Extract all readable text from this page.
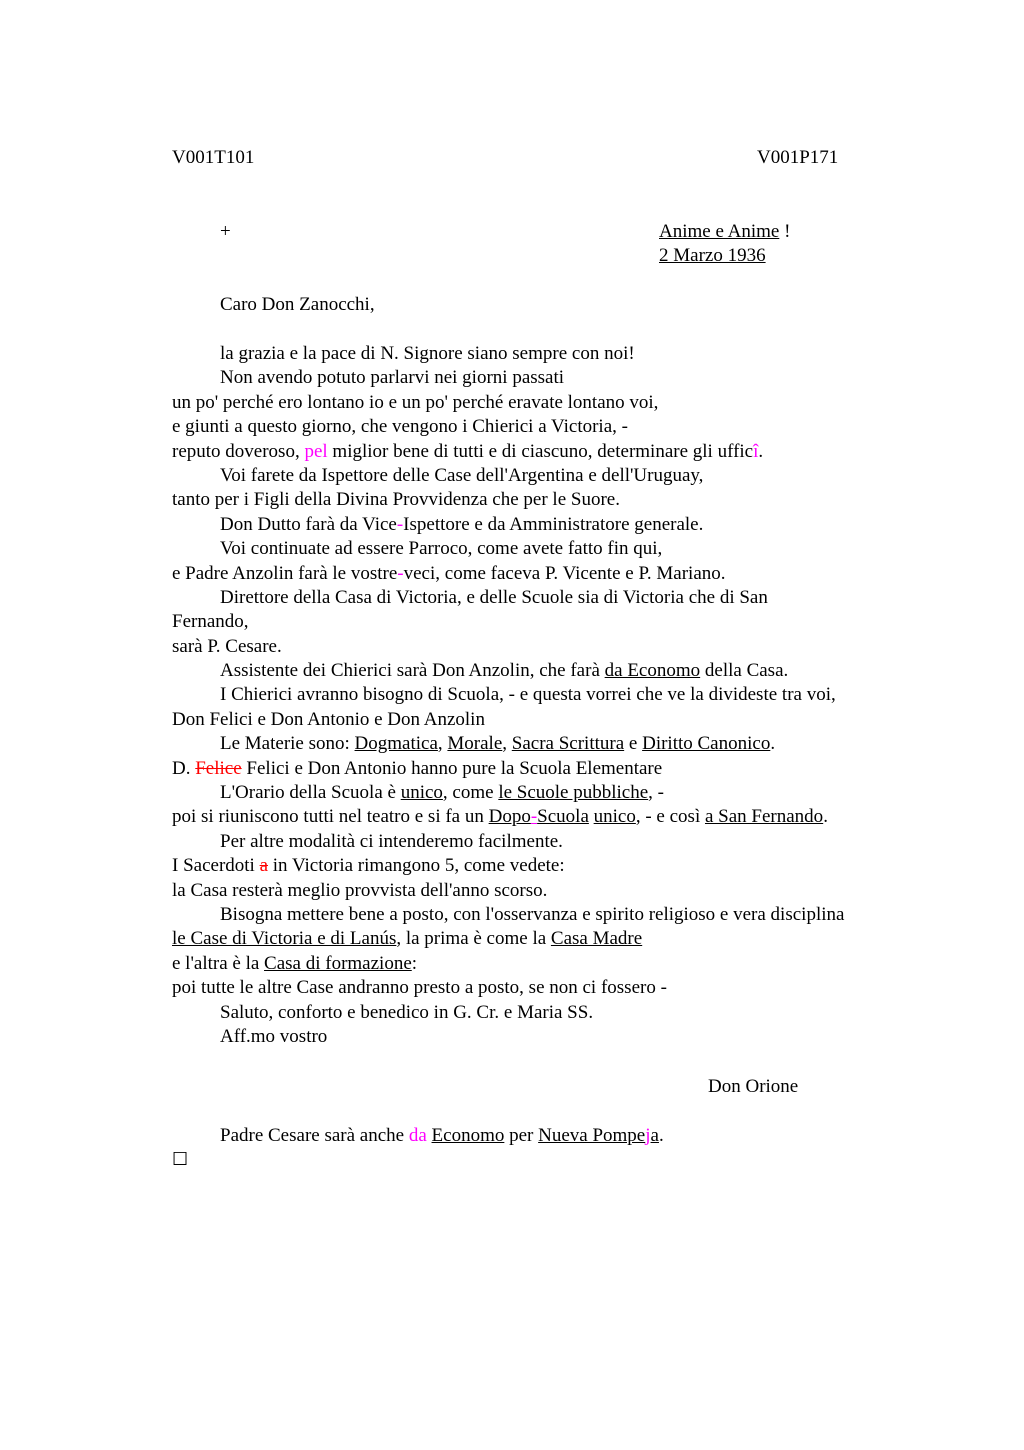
V001T101	V001P171
+	Anime e Anime !
2 Marzo 1936
Caro Don Zanocchi,
la grazia e la pace di N. Signore siano sempre con noi!
Non avendo potuto parlarvi nei giorni passati
un po' perché ero lontano io e un po' perché eravate lontano voi,
e giunti a questo giorno, che vengono i Chierici a Victoria, -
reputo doveroso, pel miglior bene di tutti e di ciascuno, determinare gli ufficî.
Voi farete da Ispettore delle Case dell'Argentina e dell'Uruguay,
tanto per i Figli della Divina Provvidenza che per le Suore.
Don Dutto farà da Vice-Ispettore e da Amministratore generale.
Voi continuate ad essere Parroco, come avete fatto fin qui,
e Padre Anzolin farà le vostre-veci, come faceva P. Vicente e P. Mariano.
Direttore della Casa di Victoria, e delle Scuole sia di Victoria che di San
Fernando,
sarà P. Cesare.
Assistente dei Chierici sarà Don Anzolin, che farà da Economo della Casa.
I Chierici avranno bisogno di Scuola, - e questa vorrei che ve la divideste tra voi,
Don Felici e Don Antonio e Don Anzolin
Le Materie sono: Dogmatica, Morale, Sacra Scrittura e Diritto Canonico.
D. Felice Felici e Don Antonio hanno pure la Scuola Elementare
L'Orario della Scuola è unico, come le Scuole pubbliche, -
poi si riuniscono tutti nel teatro e si fa un Dopo-Scuola unico, - e così a San Fernando.
Per altre modalità ci intenderemo facilmente.
I Sacerdoti a in Victoria rimangono 5, come vedete:
la Casa resterà meglio provvista dell'anno scorso.
Bisogna mettere bene a posto, con l'osservanza e spirito religioso e vera disciplina
le Case di Victoria e di Lanús, la prima è come la Casa Madre
e l'altra è la Casa di formazione:
poi tutte le altre Case andranno presto a posto, se non ci fossero -
Saluto, conforto e benedico in G. Cr. e Maria SS.
Aff.mo vostro
Don Orione
Padre Cesare sarà anche da Economo per Nueva Pompeja.
☐
